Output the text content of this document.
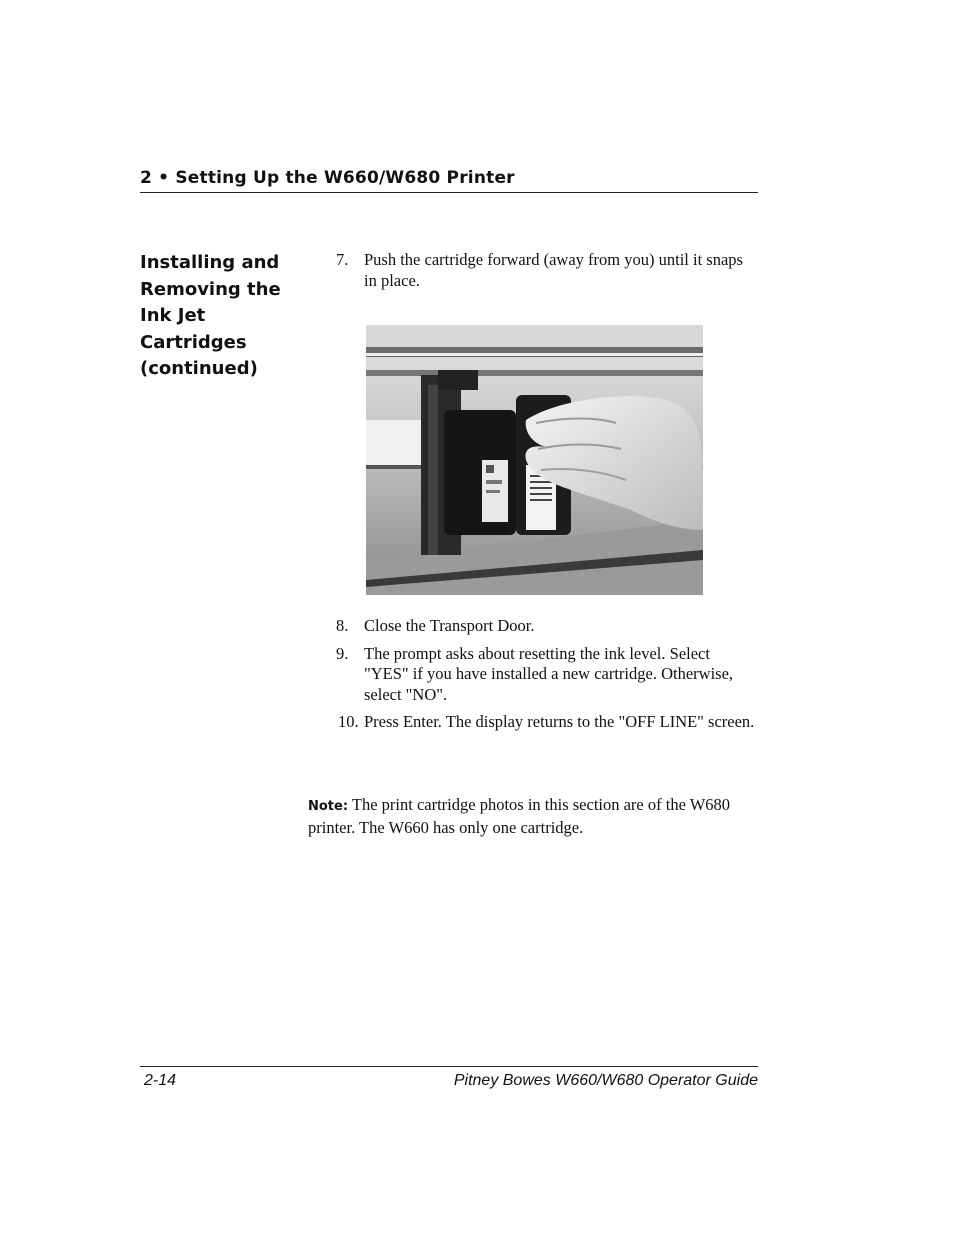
2 • Setting Up the W660/W680 Printer
Installing and
Removing the
Ink Jet
Cartridges
(continued)
7. Push the cartridge forward (away from you) until it snaps in place.
8. Close the Transport Door.
9. The prompt asks about resetting the ink level. Select "YES" if you have installed a new cartridge. Otherwise, select "NO".
10. Press Enter. The display returns to the "OFF LINE" screen.

Note: The print cartridge photos in this section are of the W680 printer. The W660 has only one cartridge.

2-14	Pitney Bowes W660/W680 Operator Guide
